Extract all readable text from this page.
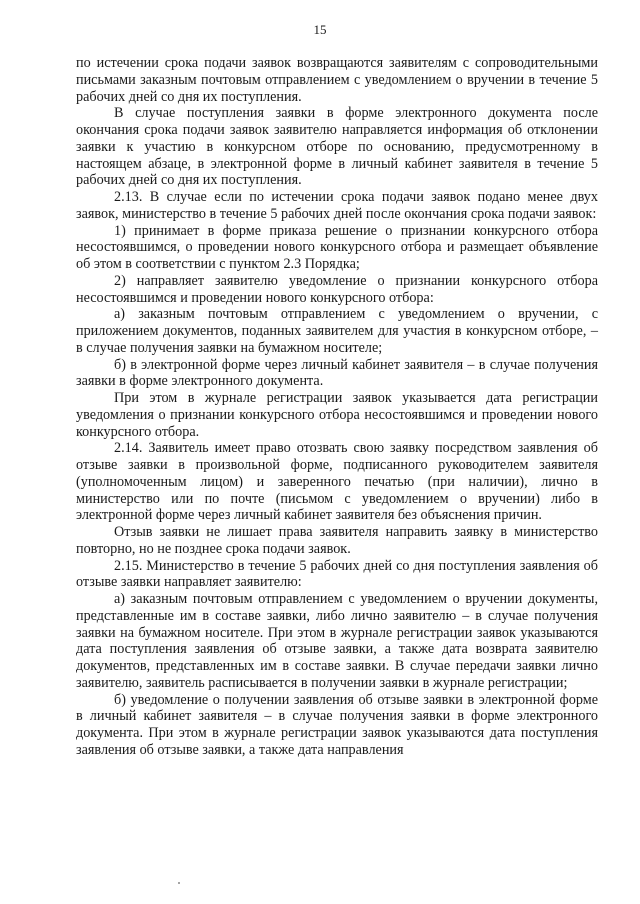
15

по истечении срока подачи заявок возвращаются заявителям с сопроводительными письмами заказным почтовым отправлением с уведомлением о вручении в течение 5 рабочих дней со дня их поступления.

В случае поступления заявки в форме электронного документа после окончания срока подачи заявок заявителю направляется информация об отклонении заявки к участию в конкурсном отборе по основанию, предусмотренному в настоящем абзаце, в электронной форме в личный кабинет заявителя в течение 5 рабочих дней со дня их поступления.

2.13. В случае если по истечении срока подачи заявок подано менее двух заявок, министерство в течение 5 рабочих дней после окончания срока подачи заявок:

1) принимает в форме приказа решение о признании конкурсного отбора несостоявшимся, о проведении нового конкурсного отбора и размещает объявление об этом в соответствии с пунктом 2.3 Порядка;

2) направляет заявителю уведомление о признании конкурсного отбора несостоявшимся и проведении нового конкурсного отбора:

а) заказным почтовым отправлением с уведомлением о вручении, с приложением документов, поданных заявителем для участия в конкурсном отборе, – в случае получения заявки на бумажном носителе;

б) в электронной форме через личный кабинет заявителя – в случае получения заявки в форме электронного документа.

При этом в журнале регистрации заявок указывается дата регистрации уведомления о признании конкурсного отбора несостоявшимся и проведении нового конкурсного отбора.

2.14. Заявитель имеет право отозвать свою заявку посредством заявления об отзыве заявки в произвольной форме, подписанного руководителем заявителя (уполномоченным лицом) и заверенного печатью (при наличии), лично в министерство или по почте (письмом с уведомлением о вручении) либо в электронной форме через личный кабинет заявителя без объяснения причин.

Отзыв заявки не лишает права заявителя направить заявку в министерство повторно, но не позднее срока подачи заявок.

2.15. Министерство в течение 5 рабочих дней со дня поступления заявления об отзыве заявки направляет заявителю:

а) заказным почтовым отправлением с уведомлением о вручении документы, представленные им в составе заявки, либо лично заявителю – в случае получения заявки на бумажном носителе. При этом в журнале регистрации заявок указываются дата поступления заявления об отзыве заявки, а также дата возврата заявителю документов, представленных им в составе заявки. В случае передачи заявки лично заявителю, заявитель расписывается в получении заявки в журнале регистрации;

б) уведомление о получении заявления об отзыве заявки в электронной форме в личный кабинет заявителя – в случае получения заявки в форме электронного документа. При этом в журнале регистрации заявок указываются дата поступления заявления об отзыве заявки, а также дата направления
